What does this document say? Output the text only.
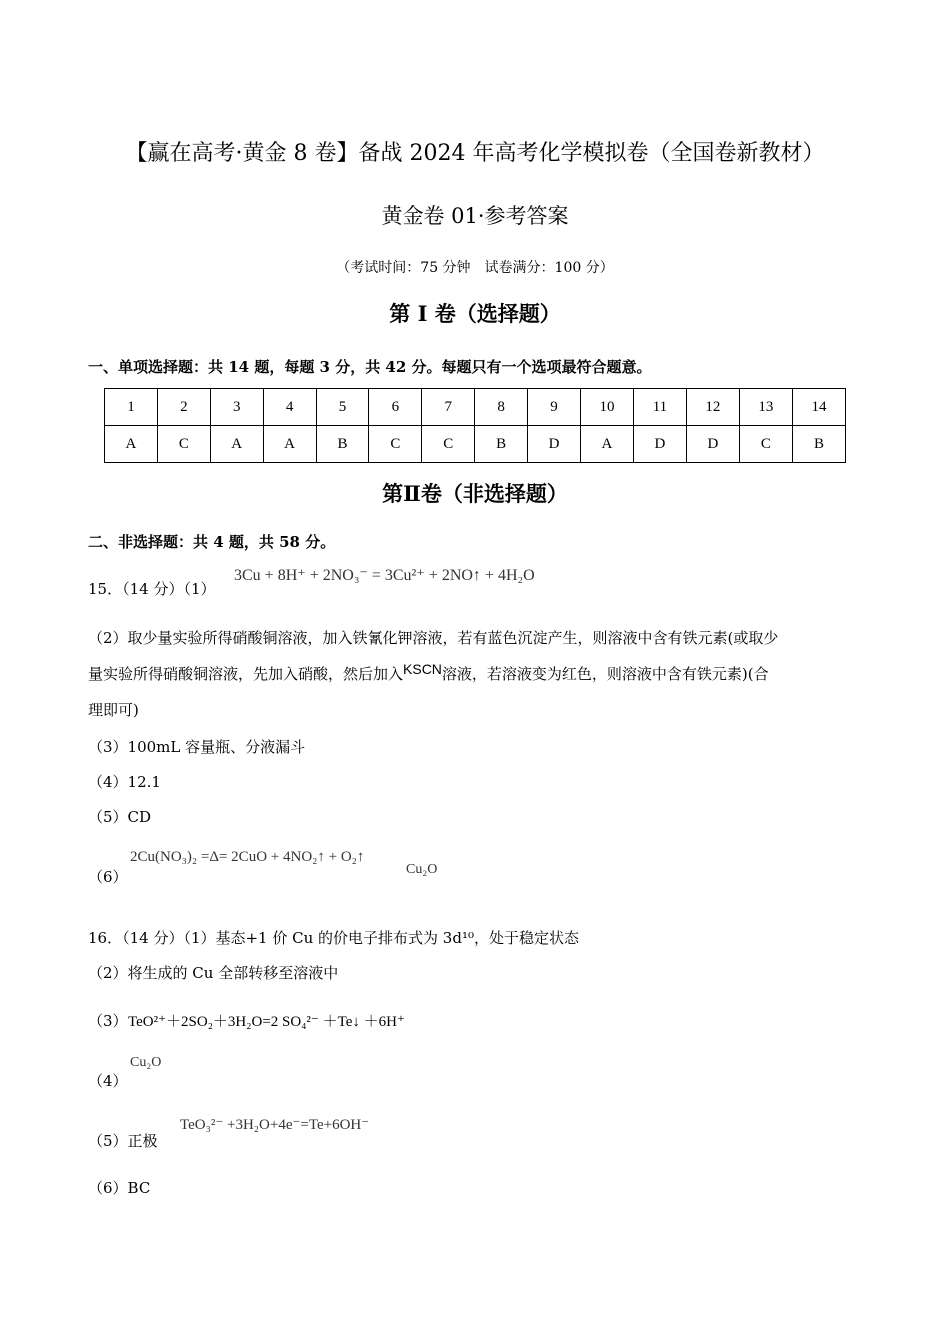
【赢在高考·黄金 8 卷】备战 2024 年高考化学模拟卷（全国卷新教材）
黄金卷 01·参考答案
（考试时间：75 分钟　试卷满分：100 分）
第 I 卷（选择题）
一、单项选择题：共 14 题，每题 3 分，共 42 分。每题只有一个选项最符合题意。
1	2	3	4	5	6	7	8	9	10	11	12	13	14
A	C	A	A	B	C	C	B	D	A	D	D	C	B
第Ⅱ卷（非选择题）
二、非选择题：共 4 题，共 58 分。
15．（14 分）（1）
3Cu + 8H⁺ + 2NO₃⁻ = 3Cu²⁺ + 2NO↑ + 4H₂O
（2）取少量实验所得硝酸铜溶液，加入铁氰化钾溶液，若有蓝色沉淀产生，则溶液中含有铁元素(或取少
量实验所得硝酸铜溶液，先加入硝酸，然后加入KSCN溶液，若溶液变为红色，则溶液中含有铁元素)(合
理即可)
（3）100mL 容量瓶、分液漏斗
（4）12.1
（5）CD
（6）
2Cu(NO₃)₂ =Δ= 2CuO + 4NO₂↑ + O₂↑
Cu₂O
16．（14 分）（1）基态+1 价 Cu 的价电子排布式为 3d¹⁰，处于稳定状态
（2）将生成的 Cu 全部转移至溶液中
（3） TeO²⁺＋2SO₂＋3H₂O=2 SO₄²⁻ ＋Te↓ ＋6H⁺
（4）
Cu₂O
（5）正极
TeO₃²⁻ +3H₂O+4e⁻=Te+6OH⁻
（6）BC
